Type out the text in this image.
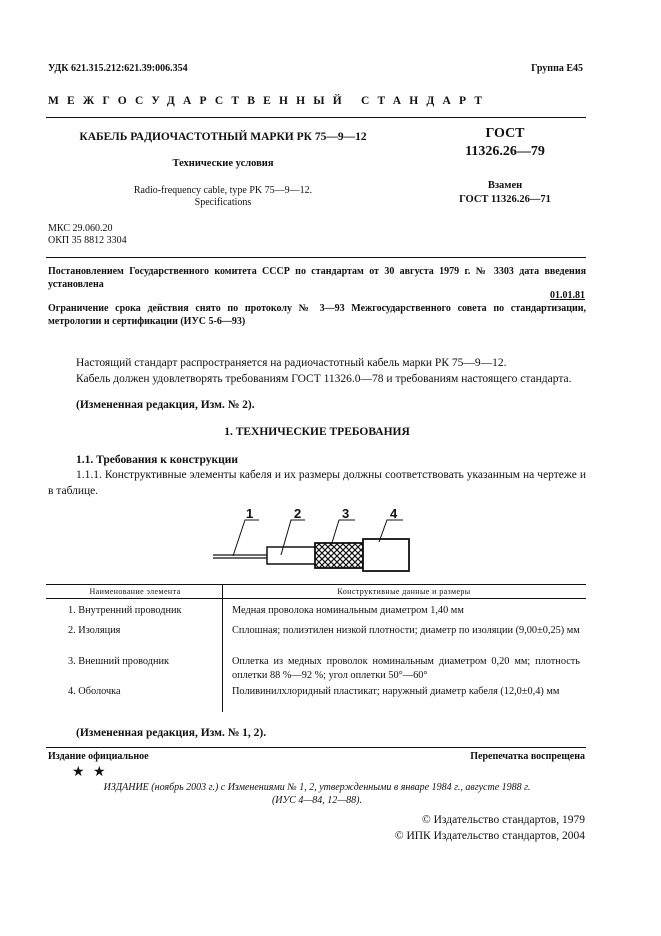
УДК 621.315.212:621.39:006.354	Группа Е45
МЕЖГОСУДАРСТВЕННЫЙ СТАНДАРТ
КАБЕЛЬ РАДИОЧАСТОТНЫЙ МАРКИ РК 75—9—12
Технические условия
Radio-frequency cable, type PK 75—9—12.
Specifications
ГОСТ
11326.26—79
Взамен
ГОСТ 11326.26—71
МКС 29.060.20
ОКП 35 8812 3304
Постановлением Государственного комитета СССР по стандартам от 30 августа 1979 г. № 3303 дата введения установлена
01.01.81
Ограничение срока действия снято по протоколу № 3—93 Межгосударственного совета по стандартизации, метрологии и сертификации (ИУС 5-6—93)
Настоящий стандарт распространяется на радиочастотный кабель марки РК 75—9—12.
Кабель должен удовлетворять требованиям ГОСТ 11326.0—78 и требованиям настоящего стандарта.
(Измененная редакция, Изм. № 2).
1. ТЕХНИЧЕСКИЕ ТРЕБОВАНИЯ
1.1. Требования к конструкции
1.1.1. Конструктивные элементы кабеля и их размеры должны соответствовать указанным на чертеже и в таблице.
1	2	3	4
Наименование элемента	Конструктивные данные и размеры
1. Внутренний проводник	Медная проволока номинальным диаметром 1,40 мм
2. Изоляция	Сплошная; полиэтилен низкой плотности; диаметр по изоляции (9,00±0,25) мм
3. Внешний проводник	Оплетка из медных проволок номинальным диаметром 0,20 мм; плотность оплетки 88 %—92 %; угол оплетки 50°—60°
4. Оболочка	Поливинилхлоридный пластикат; наружный диаметр кабеля (12,0±0,4) мм
(Измененная редакция, Изм. № 1, 2).
Издание официальное	Перепечатка воспрещена
★ ★
ИЗДАНИЕ (ноябрь 2003 г.) с Изменениями № 1, 2, утвержденными в январе 1984 г., августе 1988 г.
(ИУС 4—84, 12—88).
© Издательство стандартов, 1979
© ИПК Издательство стандартов, 2004
